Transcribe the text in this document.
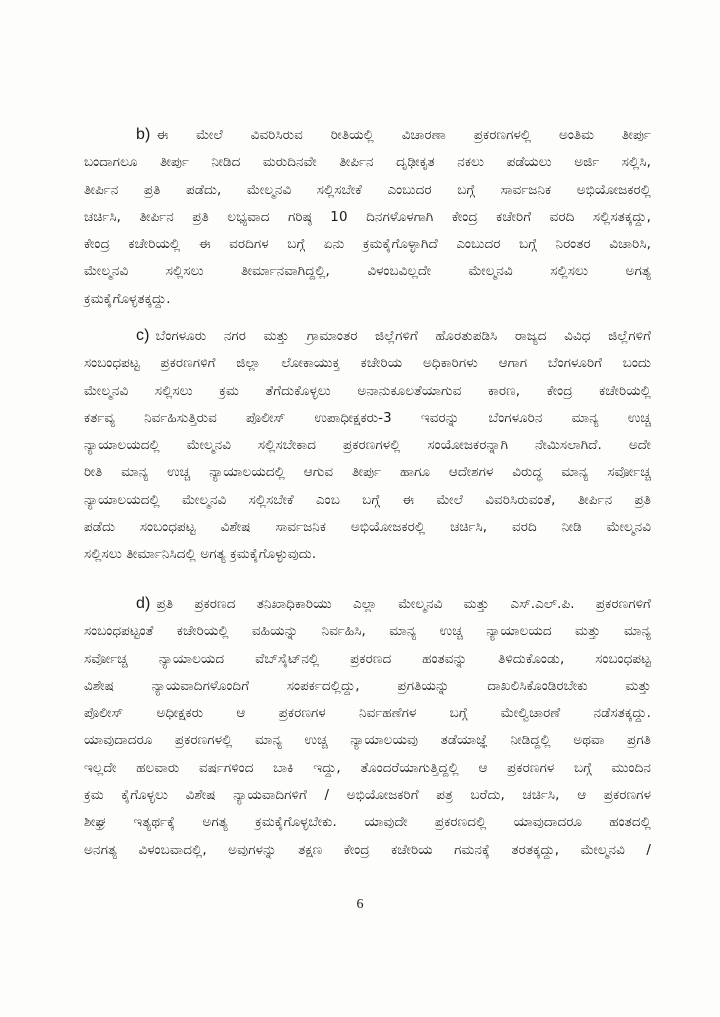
b) ಈ ಮೇಲೆ ವಿವರಿಸಿರುವ ರೀತಿಯಲ್ಲಿ ವಿಚಾರಣಾ ಪ್ರಕರಣಗಳಲ್ಲಿ ಅಂತಿಮ ತೀರ್ಪು
ಬಂದಾಗಲೂ ತೀರ್ಪು ನೀಡಿದ ಮರುದಿನವೇ ತೀರ್ಪಿನ ದೃಢೀಕೃತ ನಕಲು ಪಡೆಯಲು ಅರ್ಜಿ ಸಲ್ಲಿಸಿ,
ತೀರ್ಪಿನ ಪ್ರತಿ ಪಡೆದು, ಮೇಲ್ಮನವಿ ಸಲ್ಲಿಸಬೇಕೆ ಎಂಬುದರ ಬಗ್ಗೆ ಸಾರ್ವಜನಿಕ ಅಭಿಯೋಜಕರಲ್ಲಿ
ಚರ್ಚಿಸಿ, ತೀರ್ಪಿನ ಪ್ರತಿ ಲಭ್ಯವಾದ ಗರಿಷ್ಠ 10 ದಿನಗಳೊಳಗಾಗಿ ಕೇಂದ್ರ ಕಚೇರಿಗೆ ವರದಿ ಸಲ್ಲಿಸತಕ್ಕದ್ದು,
ಕೇಂದ್ರ ಕಚೇರಿಯಲ್ಲಿ ಈ ವರದಿಗಳ ಬಗ್ಗೆ ಏನು ಕ್ರಮಕೈಗೊಳ್ಳಾಗಿದೆ ಎಂಬುದರ ಬಗ್ಗೆ ನಿರಂತರ ವಿಚಾರಿಸಿ,
ಮೇಲ್ಮನವಿ ಸಲ್ಲಿಸಲು ತೀರ್ಮಾನವಾಗಿದ್ದಲ್ಲಿ, ವಿಳಂಬವಿಲ್ಲದೇ ಮೇಲ್ಮನವಿ ಸಲ್ಲಿಸಲು ಅಗತ್ಯ
ಕ್ರಮಕೈಗೊಳ್ಳತಕ್ಕದ್ದು.
c) ಬೆಂಗಳೂರು ನಗರ ಮತ್ತು ಗ್ರಾಮಾಂತರ ಜಿಲ್ಲೆಗಳಿಗೆ ಹೊರತುಪಡಿಸಿ ರಾಜ್ಯದ ವಿವಿಧ ಜಿಲ್ಲೆಗಳಿಗೆ
ಸಂಬಂಧಪಟ್ಟ ಪ್ರಕರಣಗಳಿಗೆ ಜಿಲ್ಲಾ ಲೋಕಾಯುಕ್ತ ಕಚೇರಿಯ ಅಧಿಕಾರಿಗಳು ಆಗಾಗ ಬೆಂಗಳೂರಿಗೆ ಬಂದು
ಮೇಲ್ಮನವಿ ಸಲ್ಲಿಸಲು ಕ್ರಮ ತೆಗೆದುಕೊಳ್ಳಲು ಅನಾನುಕೂಲತೆಯಾಗುವ ಕಾರಣ, ಕೇಂದ್ರ ಕಚೇರಿಯಲ್ಲಿ
ಕರ್ತವ್ಯ ನಿರ್ವಹಿಸುತ್ತಿರುವ ಪೊಲೀಸ್ ಉಪಾಧೀಕ್ಷಕರು-3 ಇವರನ್ನು ಬೆಂಗಳೂರಿನ ಮಾನ್ಯ ಉಚ್ಚ
ನ್ಯಾಯಾಲಯದಲ್ಲಿ ಮೇಲ್ಮನವಿ ಸಲ್ಲಿಸಬೇಕಾದ ಪ್ರಕರಣಗಳಲ್ಲಿ ಸಂಯೋಜಕರನ್ನಾಗಿ ನೇಮಿಸಲಾಗಿದೆ. ಅದೇ
ರೀತಿ ಮಾನ್ಯ ಉಚ್ಚ ನ್ಯಾಯಾಲಯದಲ್ಲಿ ಆಗುವ ತೀರ್ಪು ಹಾಗೂ ಆದೇಶಗಳ ವಿರುದ್ಧ ಮಾನ್ಯ ಸರ್ವೋಚ್ಚ
ನ್ಯಾಯಾಲಯದಲ್ಲಿ ಮೇಲ್ಮನವಿ ಸಲ್ಲಿಸಬೇಕೆ ಎಂಬ ಬಗ್ಗೆ ಈ ಮೇಲೆ ವಿವರಿಸಿರುವಂತೆ, ತೀರ್ಪಿನ ಪ್ರತಿ
ಪಡೆದು ಸಂಬಂಧಪಟ್ಟ ವಿಶೇಷ ಸಾರ್ವಜನಿಕ ಅಭಿಯೋಜಕರಲ್ಲಿ ಚರ್ಚಿಸಿ, ವರದಿ ನೀಡಿ ಮೇಲ್ಮನವಿ
ಸಲ್ಲಿಸಲು ತೀರ್ಮಾನಿಸಿದಲ್ಲಿ ಅಗತ್ಯ ಕ್ರಮಕೈಗೊಳ್ಳುವುದು.
d) ಪ್ರತಿ ಪ್ರಕರಣದ ತನಿಖಾಧಿಕಾರಿಯು ಎಲ್ಲಾ ಮೇಲ್ಮನವಿ ಮತ್ತು ಎಸ್.ಎಲ್.ಪಿ. ಪ್ರಕರಣಗಳಿಗೆ
ಸಂಬಂಧಪಟ್ಟಂತೆ ಕಚೇರಿಯಲ್ಲಿ ವಹಿಯನ್ನು ನಿರ್ವಹಿಸಿ, ಮಾನ್ಯ ಉಚ್ಚ ನ್ಯಾಯಾಲಯದ ಮತ್ತು ಮಾನ್ಯ
ಸರ್ವೋಚ್ಚ ನ್ಯಾಯಾಲಯದ ವೆಬ್‌ಸೈಟ್‌ನಲ್ಲಿ ಪ್ರಕರಣದ ಹಂತವನ್ನು ತಿಳಿದುಕೊಂಡು, ಸಂಬಂಧಪಟ್ಟ
ವಿಶೇಷ ನ್ಯಾಯವಾದಿಗಳೊಂದಿಗೆ ಸಂಪರ್ಕದಲ್ಲಿದ್ದು, ಪ್ರಗತಿಯನ್ನು ದಾಖಲಿಸಿಕೊಂಡಿರಬೇಕು ಮತ್ತು
ಪೊಲೀಸ್ ಅಧೀಕ್ಷಕರು ಆ ಪ್ರಕರಣಗಳ ನಿರ್ವಹಣೆಗಳ ಬಗ್ಗೆ ಮೇಲ್ವಿಚಾರಣೆ ನಡೆಸತಕ್ಕದ್ದು.
ಯಾವುದಾದರೂ ಪ್ರಕರಣಗಳಲ್ಲಿ ಮಾನ್ಯ ಉಚ್ಚ ನ್ಯಾಯಾಲಯವು ತಡೆಯಾಜ್ಞೆ ನೀಡಿದ್ದಲ್ಲಿ ಅಥವಾ ಪ್ರಗತಿ
ಇಲ್ಲದೇ ಹಲವಾರು ವರ್ಷಗಳಿಂದ ಬಾಕಿ ಇದ್ದು, ತೊಂದರೆಯಾಗುತ್ತಿದ್ದಲ್ಲಿ ಆ ಪ್ರಕರಣಗಳ ಬಗ್ಗೆ ಮುಂದಿನ
ಕ್ರಮ ಕೈಗೊಳ್ಳಲು ವಿಶೇಷ ನ್ಯಾಯವಾದಿಗಳಿಗೆ / ಅಭಿಯೋಜಕರಿಗೆ ಪತ್ರ ಬರೆದು, ಚರ್ಚಿಸಿ, ಆ ಪ್ರಕರಣಗಳ
ಶೀಘ್ರ ಇತ್ಯರ್ಥಕ್ಕೆ ಅಗತ್ಯ ಕ್ರಮಕೈಗೊಳ್ಳಬೇಕು. ಯಾವುದೇ ಪ್ರಕರಣದಲ್ಲಿ ಯಾವುದಾದರೂ ಹಂತದಲ್ಲಿ
ಅನಗತ್ಯ ವಿಳಂಬವಾದಲ್ಲಿ, ಅವುಗಳನ್ನು ತಕ್ಷಣ ಕೇಂದ್ರ ಕಚೇರಿಯ ಗಮನಕ್ಕೆ ತರತಕ್ಕದ್ದು, ಮೇಲ್ಮನವಿ /
6
